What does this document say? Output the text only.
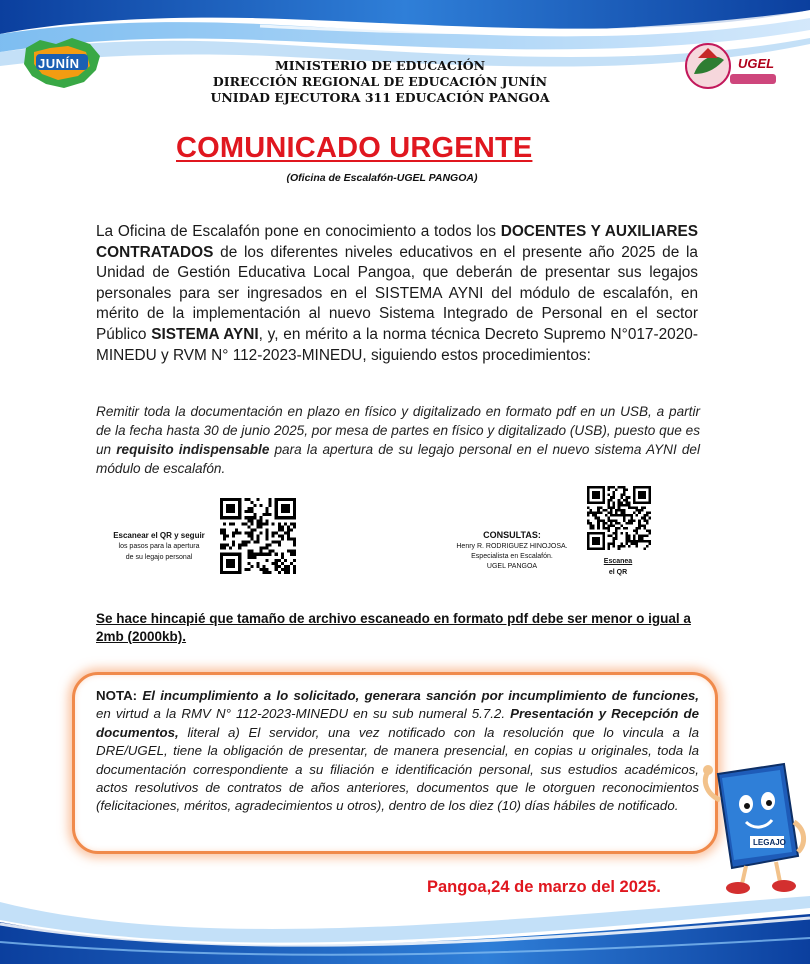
JUNÍN	UGEL
MINISTERIO DE EDUCACIÓN
DIRECCIÓN REGIONAL DE EDUCACIÓN JUNÍN
UNIDAD EJECUTORA 311 EDUCACIÓN PANGOA
COMUNICADO URGENTE
(Oficina de Escalafón-UGEL PANGOA)
La Oficina de Escalafón pone en conocimiento a todos los DOCENTES Y AUXILIARES CONTRATADOS de los diferentes niveles educativos en el presente año 2025 de la Unidad de Gestión Educativa Local Pangoa, que deberán de presentar sus legajos personales para ser ingresados en el SISTEMA AYNI del módulo de escalafón, en mérito de la implementación al nuevo Sistema Integrado de Personal en el sector Público SISTEMA AYNI, y, en mérito a la norma técnica Decreto Supremo N°017-2020-MINEDU y RVM N° 112-2023-MINEDU, siguiendo estos procedimientos:
Remitir toda la documentación en plazo en físico y digitalizado en formato pdf en un USB, a partir de la fecha hasta 30 de junio 2025, por mesa de partes en físico y digitalizado (USB), puesto que es un requisito indispensable para la apertura de su legajo personal en el nuevo sistema AYNI del módulo de escalafón.
Escanear el QR y seguir
los pasos para la apertura
de su legajo personal
CONSULTAS:
Henry R. RODRIGUEZ HINOJOSA.
Especialista en Escalafón.
UGEL PANGOA
Escanea
el QR
Se hace hincapié que tamaño de archivo escaneado en formato pdf debe ser menor o igual a 2mb (2000kb).
NOTA: El incumplimiento a lo solicitado, generara sanción por incumplimiento de funciones, en virtud a la RMV N° 112-2023-MINEDU en su sub numeral 5.7.2. Presentación y Recepción de documentos, literal a) El servidor, una vez notificado con la resolución que lo vincula a la DRE/UGEL, tiene la obligación de presentar, de manera presencial, en copias u originales, toda la documentación correspondiente a su filiación e identificación personal, sus estudios académicos, actos resolutivos de contratos de años anteriores, documentos que le otorguen reconocimientos (felicitaciones, méritos, agradecimientos u otros), dentro de los diez (10) días hábiles de notificado.
Pangoa,24 de marzo del 2025.
LEGAJO
